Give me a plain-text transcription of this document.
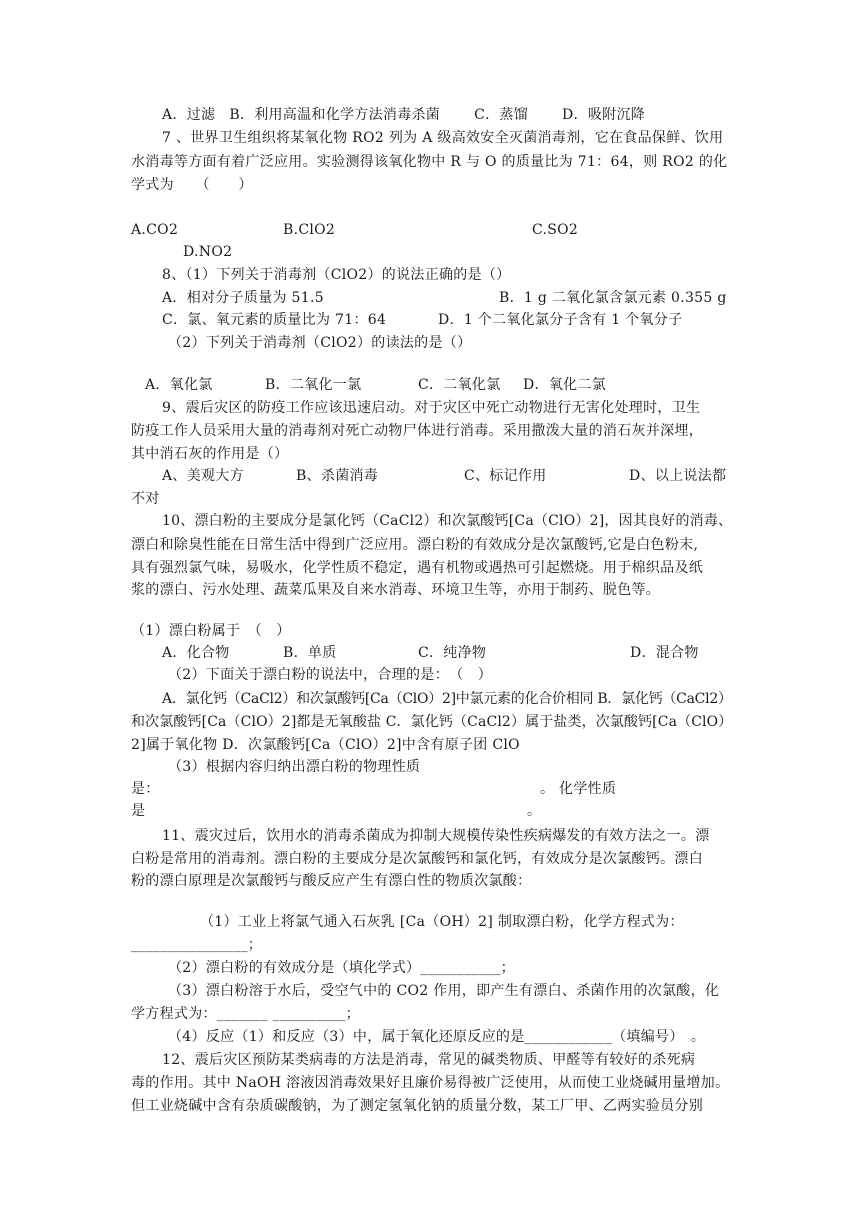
A．过滤 B．利用高温和化学方法消毒杀菌 C．蒸馏 D．吸附沉降
7 、世界卫生组织将某氧化物 RO2 列为 A 级高效安全灭菌消毒剂，它在食品保鲜、饮用
水消毒等方面有着广泛应用。实验测得该氧化物中 R 与 O 的质量比为 71：64，则 RO2 的化
学式为　　（　　）
A.CO2	B.ClO2	C.SO2
D.NO2
8、（1）下列关于消毒剂（ClO2）的说法正确的是（）
A．相对分子质量为 51.5	B．1 g 二氧化氯含氯元素 0.355 g
C．氯、氧元素的质量比为 71：64	D．1 个二氧化氯分子含有 1 个氧分子
（2）下列关于消毒剂（ClO2）的读法的是（）
A．氧化氯	B．二氧化一氯	C．二氧化氯 D．氧化二氯
9、震后灾区的防疫工作应该迅速启动。对于灾区中死亡动物进行无害化处理时，卫生
防疫工作人员采用大量的消毒剂对死亡动物尸体进行消毒。采用撒泼大量的消石灰并深埋，
其中消石灰的作用是（）
A、美观大方	B、杀菌消毒	C、标记作用	D、以上说法都
不对
10、漂白粉的主要成分是氯化钙（CaCl2）和次氯酸钙[Ca（ClO）2]，因其良好的消毒、
漂白和除臭性能在日常生活中得到广泛应用。漂白粉的有效成分是次氯酸钙,它是白色粉末,
具有强烈氯气味，易吸水，化学性质不稳定，遇有机物或遇热可引起燃烧。用于棉织品及纸
浆的漂白、污水处理、蔬菜瓜果及自来水消毒、环境卫生等，亦用于制药、脱色等。
（1）漂白粉属于　（　）
A．化合物	B．单质	C．纯净物	D．混合物
（2）下面关于漂白粉的说法中，合理的是：　（　）
A．氯化钙（CaCl2）和次氯酸钙[Ca（ClO）2]中氯元素的化合价相同 B．氯化钙（CaCl2）
和次氯酸钙[Ca（ClO）2]都是无氧酸盐 C．氯化钙（CaCl2）属于盐类，次氯酸钙[Ca（ClO）
2]属于氧化物 D．次氯酸钙[Ca（ClO）2]中含有原子团 ClO
（3）根据内容归纳出漂白粉的物理性质
是：	。 化学性质
是	。
11、震灾过后，饮用水的消毒杀菌成为抑制大规模传染性疾病爆发的有效方法之一。漂
白粉是常用的消毒剂。漂白粉的主要成分是次氯酸钙和氯化钙，有效成分是次氯酸钙。漂白
粉的漂白原理是次氯酸钙与酸反应产生有漂白性的物质次氯酸：
（1）工业上将氯气通入石灰乳 [Ca（OH）2] 制取漂白粉，化学方程式为：
________________；
（2）漂白粉的有效成分是（填化学式）___________；
（3）漂白粉溶于水后，受空气中的 CO2 作用，即产生有漂白、杀菌作用的次氯酸，化
学方程式为：_______ __________；
（4）反应（1）和反应（3）中，属于氧化还原反应的是____________（填编号）　。
12、震后灾区预防某类病毒的方法是消毒，常见的碱类物质、甲醛等有较好的杀死病
毒的作用。其中 NaOH 溶液因消毒效果好且廉价易得被广泛使用，从而使工业烧碱用量增加。
但工业烧碱中含有杂质碳酸钠，为了测定氢氧化钠的质量分数，某工厂甲、乙两实验员分别
